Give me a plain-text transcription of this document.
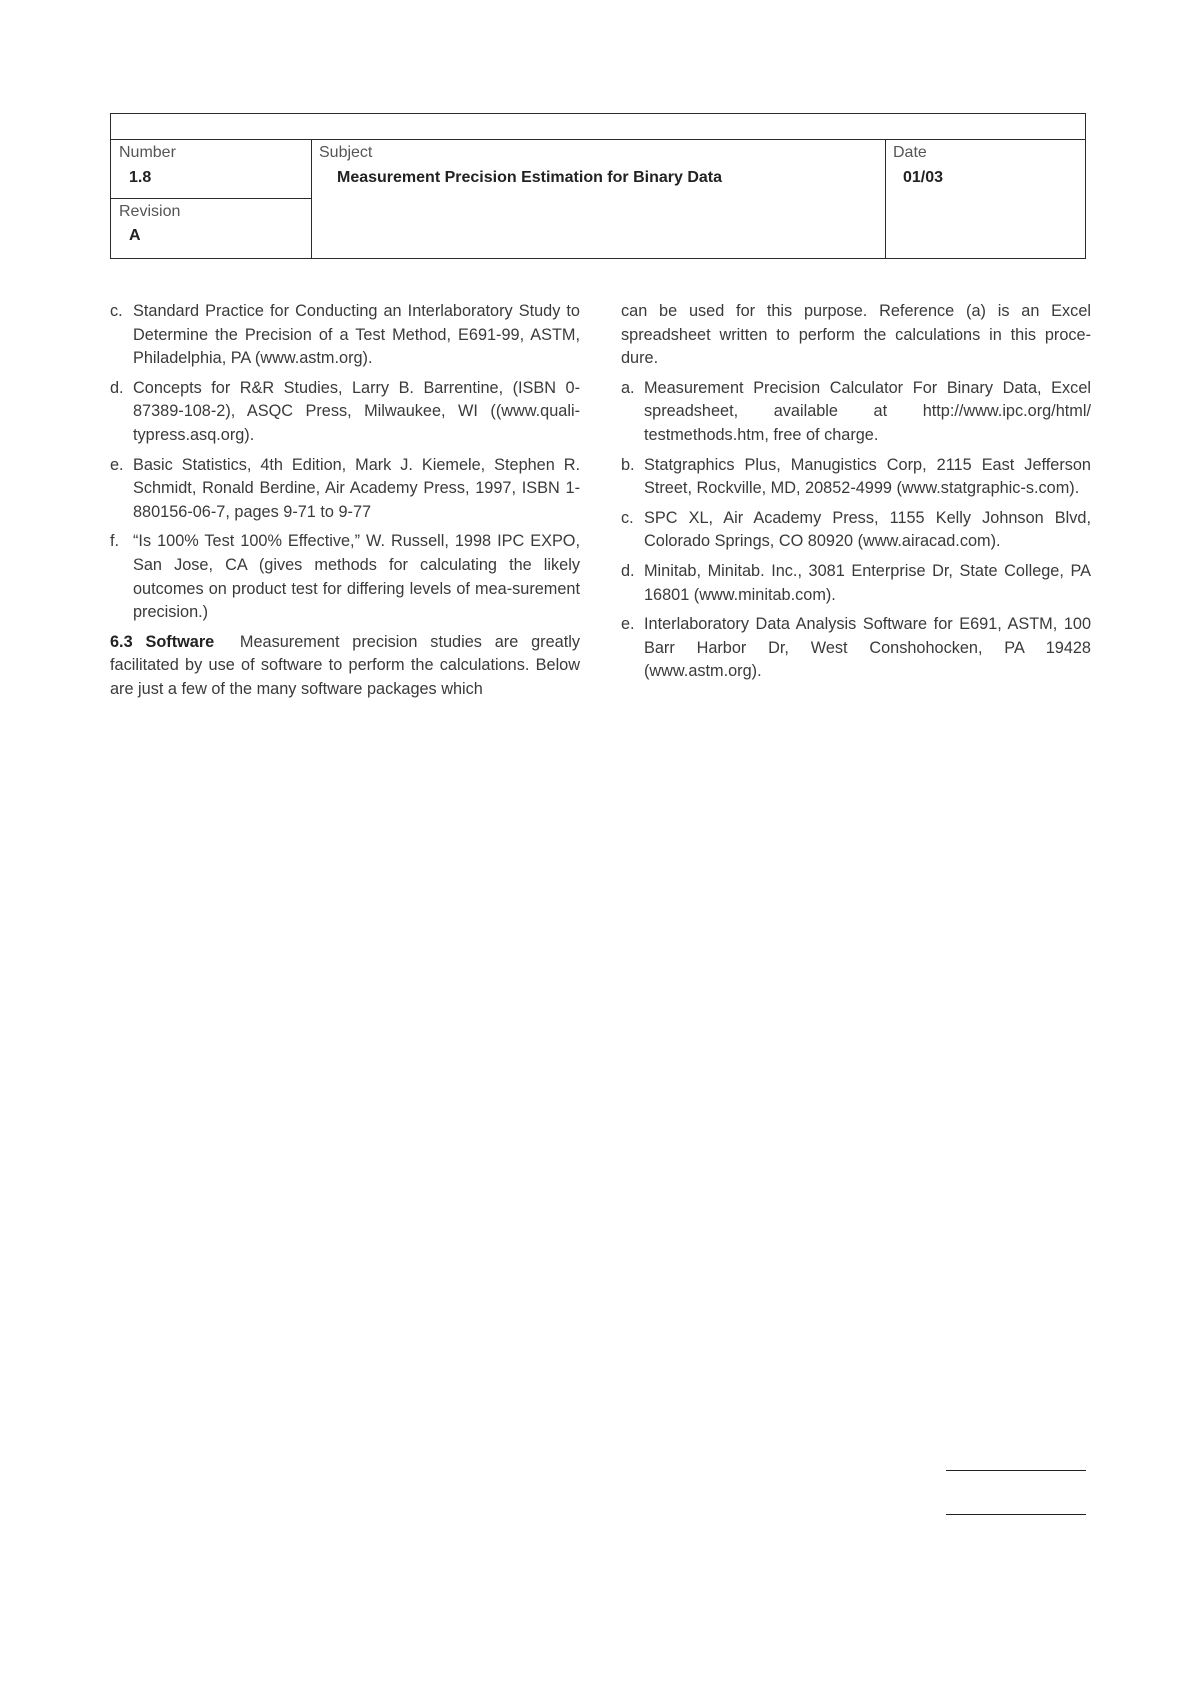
Number
1.8
Revision
A
Subject
Measurement Precision Estimation for Binary Data
Date
01/03
c. Standard Practice for Conducting an Interlaboratory Study to Determine the Precision of a Test Method, E691-99, ASTM, Philadelphia, PA (www.astm.org).
d. Concepts for R&R Studies, Larry B. Barrentine, (ISBN 0-87389-108-2), ASQC Press, Milwaukee, WI ((www.quali-typress.asq.org).
e. Basic Statistics, 4th Edition, Mark J. Kiemele, Stephen R. Schmidt, Ronald Berdine, Air Academy Press, 1997, ISBN 1-880156-06-7, pages 9-71 to 9-77
f. “Is 100% Test 100% Effective,” W. Russell, 1998 IPC EXPO, San Jose, CA (gives methods for calculating the likely outcomes on product test for differing levels of mea-surement precision.)

6.3 Software Measurement precision studies are greatly facilitated by use of software to perform the calculations. Below are just a few of the many software packages which

can be used for this purpose. Reference (a) is an Excel spreadsheet written to perform the calculations in this proce-dure.

a. Measurement Precision Calculator For Binary Data, Excel spreadsheet, available at http://www.ipc.org/html/ testmethods.htm, free of charge.
b. Statgraphics Plus, Manugistics Corp, 2115 East Jefferson Street, Rockville, MD, 20852-4999 (www.statgraphic-s.com).
c. SPC XL, Air Academy Press, 1155 Kelly Johnson Blvd, Colorado Springs, CO 80920 (www.airacad.com).
d. Minitab, Minitab. Inc., 3081 Enterprise Dr, State College, PA 16801 (www.minitab.com).
e. Interlaboratory Data Analysis Software for E691, ASTM, 100 Barr Harbor Dr, West Conshohocken, PA 19428 (www.astm.org).
